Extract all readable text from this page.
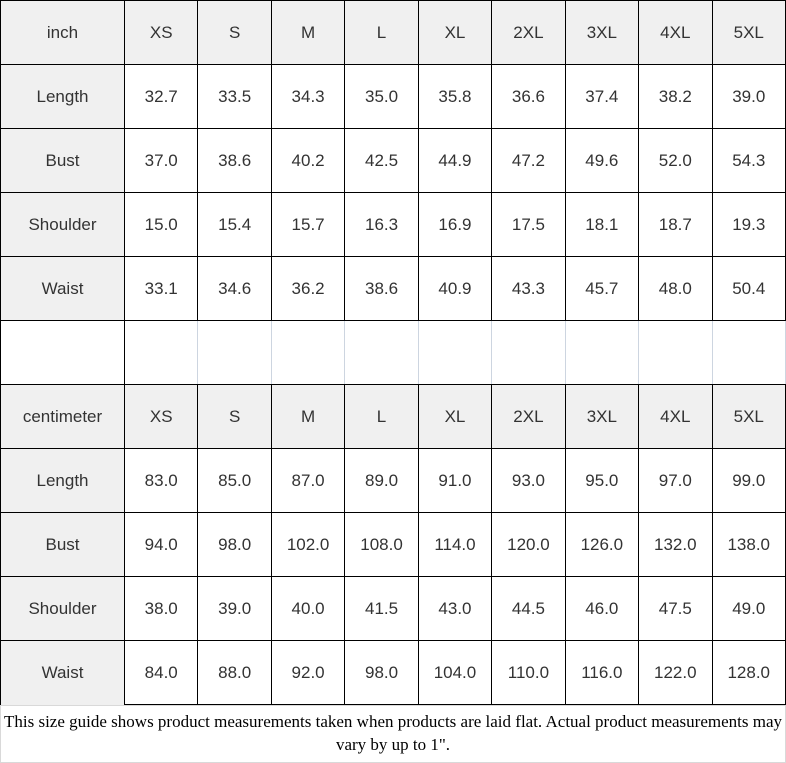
inch	XS	S	M	L	XL	2XL	3XL	4XL	5XL
Length	32.7	33.5	34.3	35.0	35.8	36.6	37.4	38.2	39.0
Bust	37.0	38.6	40.2	42.5	44.9	47.2	49.6	52.0	54.3
Shoulder	15.0	15.4	15.7	16.3	16.9	17.5	18.1	18.7	19.3
Waist	33.1	34.6	36.2	38.6	40.9	43.3	45.7	48.0	50.4

centimeter	XS	S	M	L	XL	2XL	3XL	4XL	5XL
Length	83.0	85.0	87.0	89.0	91.0	93.0	95.0	97.0	99.0
Bust	94.0	98.0	102.0	108.0	114.0	120.0	126.0	132.0	138.0
Shoulder	38.0	39.0	40.0	41.5	43.0	44.5	46.0	47.5	49.0
Waist	84.0	88.0	92.0	98.0	104.0	110.0	116.0	122.0	128.0
This size guide shows product measurements taken when products are laid flat. Actual product measurements may
vary by up to 1".
